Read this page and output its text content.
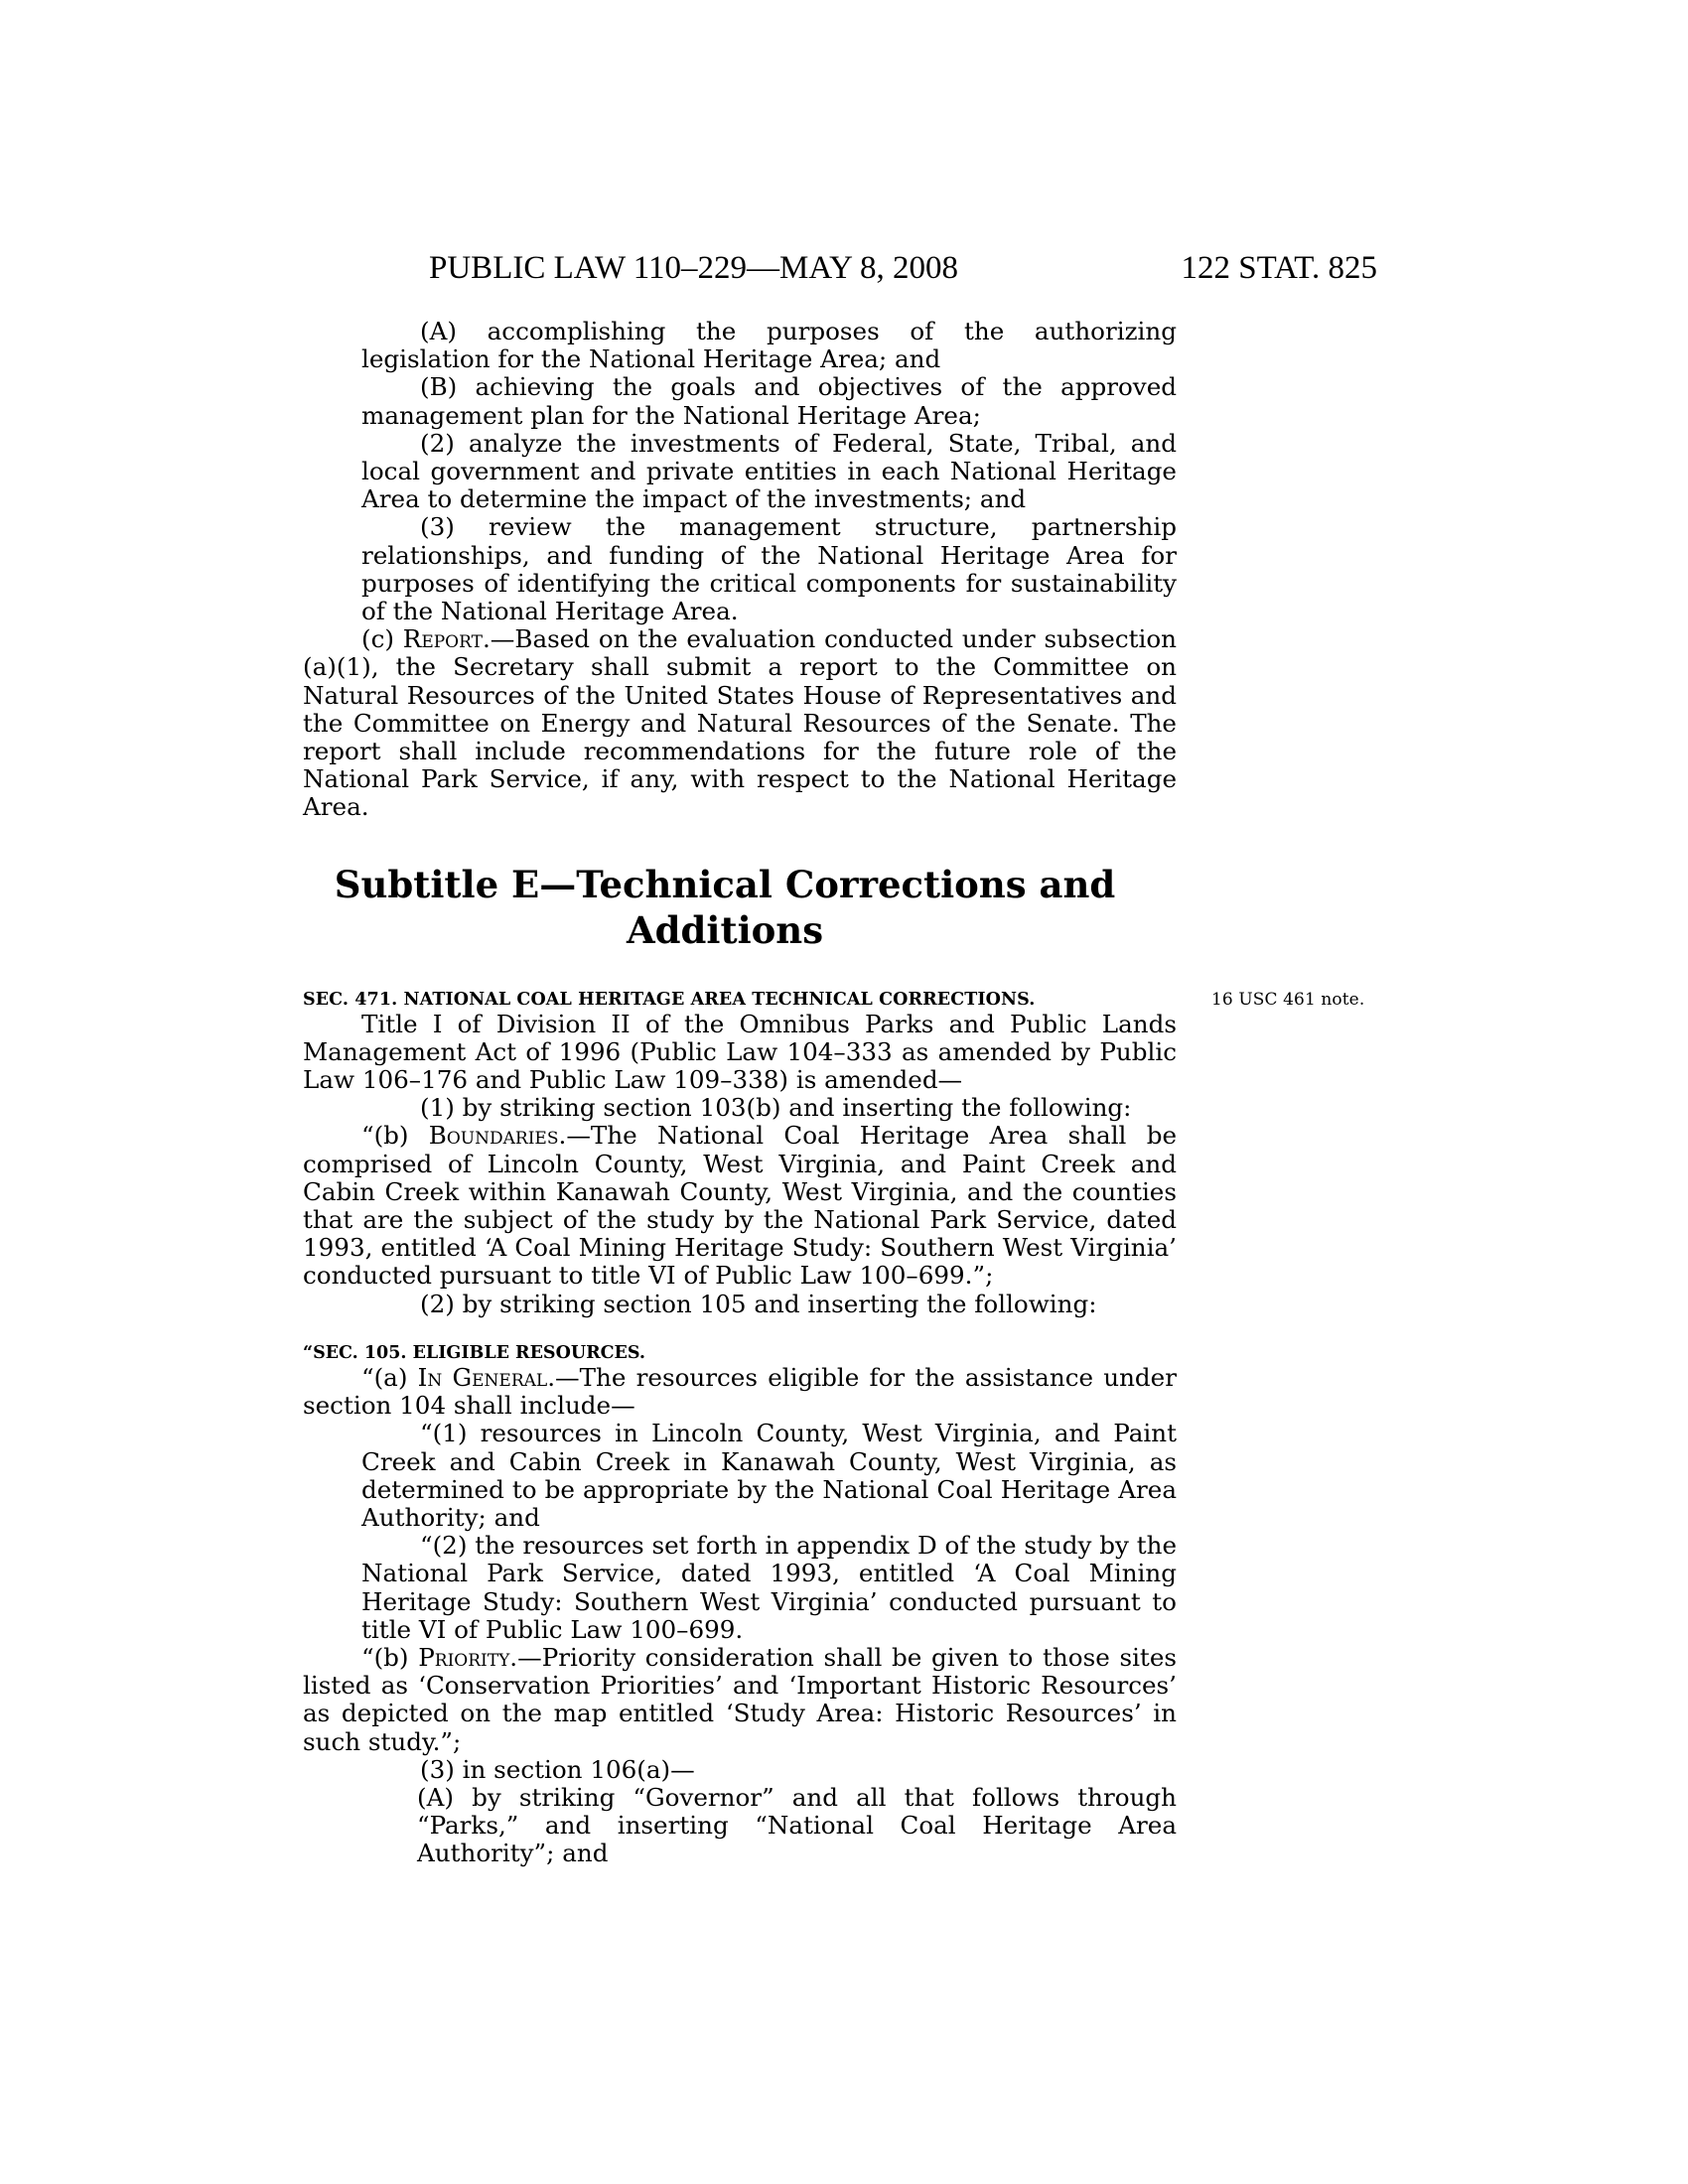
PUBLIC LAW 110–229—MAY 8, 2008	122 STAT. 825

(A) accomplishing the purposes of the authorizing legislation for the National Heritage Area; and

(B) achieving the goals and objectives of the approved management plan for the National Heritage Area;

(2) analyze the investments of Federal, State, Tribal, and local government and private entities in each National Heritage Area to determine the impact of the investments; and

(3) review the management structure, partnership relationships, and funding of the National Heritage Area for purposes of identifying the critical components for sustainability of the National Heritage Area.

(c) Report.—Based on the evaluation conducted under subsection (a)(1), the Secretary shall submit a report to the Committee on Natural Resources of the United States House of Representatives and the Committee on Energy and Natural Resources of the Senate. The report shall include recommendations for the future role of the National Park Service, if any, with respect to the National Heritage Area.

Subtitle E—Technical Corrections and
Additions
SEC. 471. NATIONAL COAL HERITAGE AREA TECHNICAL CORRECTIONS.	16 USC 461 note.

Title I of Division II of the Omnibus Parks and Public Lands Management Act of 1996 (Public Law 104–333 as amended by Public Law 106–176 and Public Law 109–338) is amended—

(1) by striking section 103(b) and inserting the following:

“(b) Boundaries.—The National Coal Heritage Area shall be comprised of Lincoln County, West Virginia, and Paint Creek and Cabin Creek within Kanawah County, West Virginia, and the counties that are the subject of the study by the National Park Service, dated 1993, entitled ‘A Coal Mining Heritage Study: Southern West Virginia’ conducted pursuant to title VI of Public Law 100–699.”;

(2) by striking section 105 and inserting the following:

“SEC. 105. ELIGIBLE RESOURCES.

“(a) In General.—The resources eligible for the assistance under section 104 shall include—

“(1) resources in Lincoln County, West Virginia, and Paint Creek and Cabin Creek in Kanawah County, West Virginia, as determined to be appropriate by the National Coal Heritage Area Authority; and

“(2) the resources set forth in appendix D of the study by the National Park Service, dated 1993, entitled ‘A Coal Mining Heritage Study: Southern West Virginia’ conducted pursuant to title VI of Public Law 100–699.

“(b) Priority.—Priority consideration shall be given to those sites listed as ‘Conservation Priorities’ and ‘Important Historic Resources’ as depicted on the map entitled ‘Study Area: Historic Resources’ in such study.”;

(3) in section 106(a)—

(A) by striking “Governor” and all that follows through “Parks,” and inserting “National Coal Heritage Area Authority”; and
